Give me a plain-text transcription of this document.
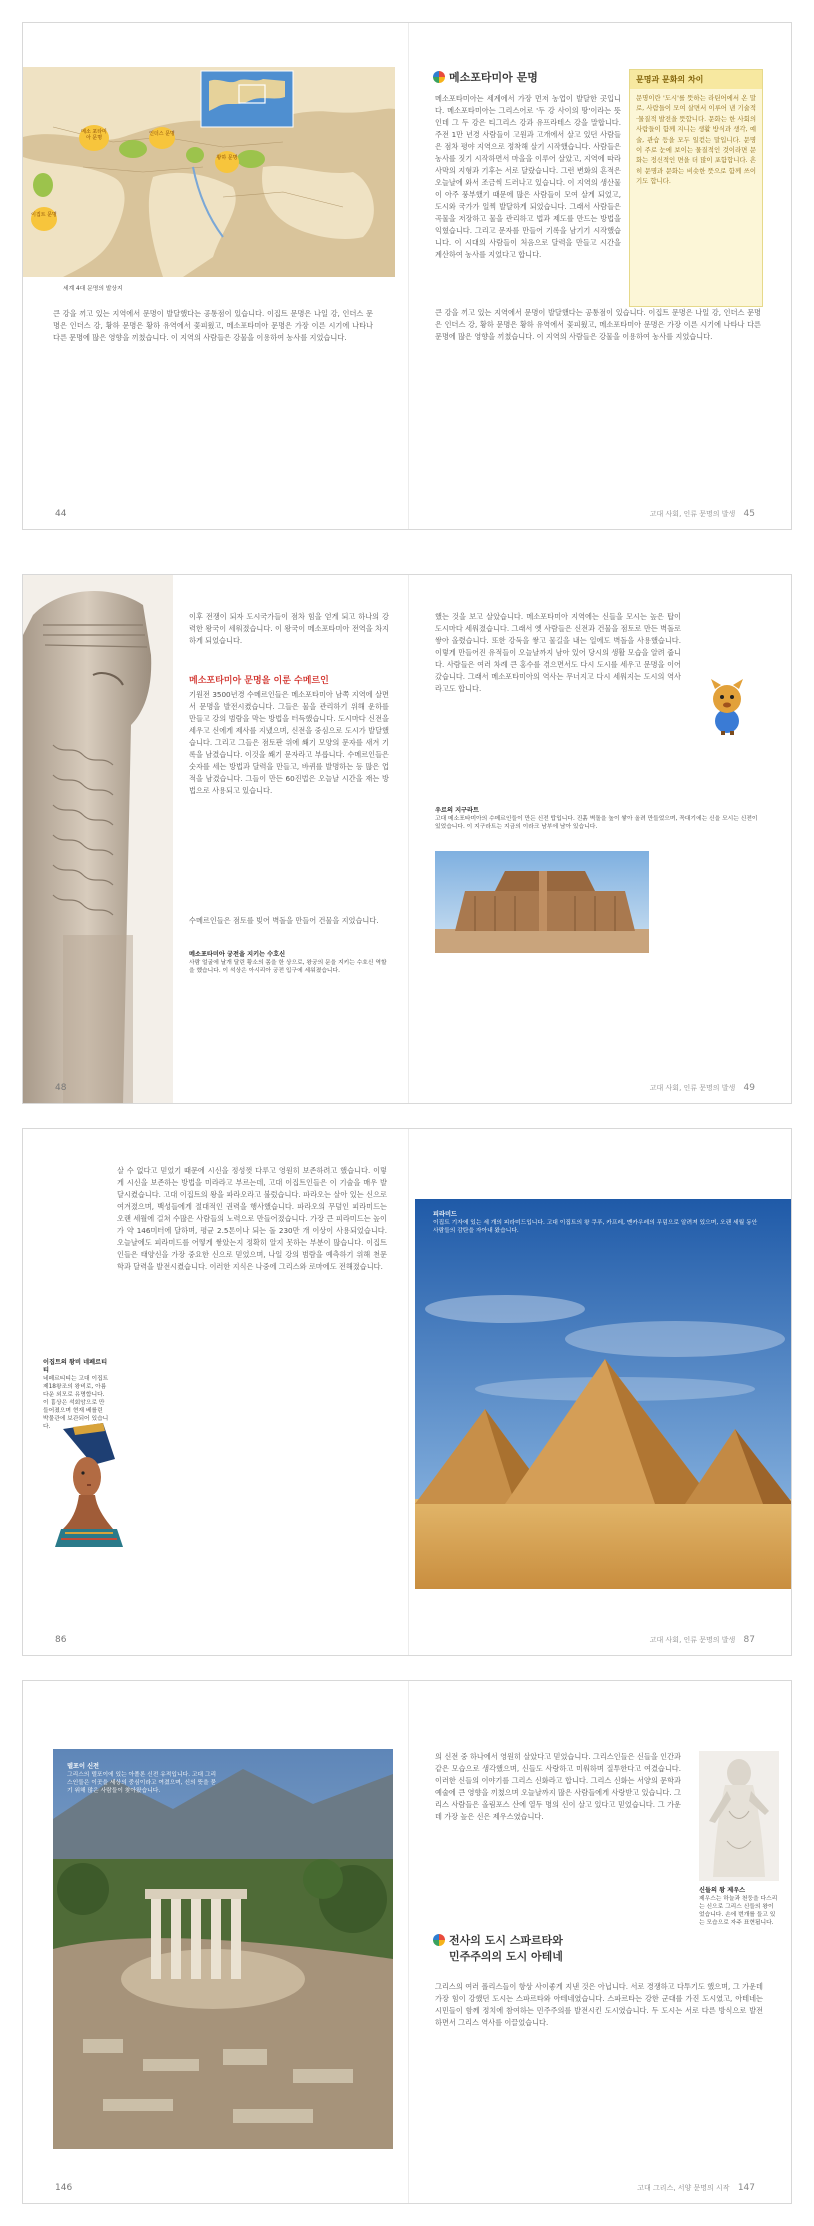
메소 포타미아 문명
인더스 문명
황하 문명
이집트 문명
세계 4대 문명의 발상지
큰 강을 끼고 있는 지역에서 문명이 발달했다는 공통점이 있습니다. 이집트 문명은 나일 강, 인더스 문명은 인더스 강, 황하 문명은 황하 유역에서 꽃피웠고, 메소포타미아 문명은 가장 이른 시기에 나타나 다른 문명에 많은 영향을 끼쳤습니다. 이 지역의 사람들은 강물을 이용하여 농사를 지었습니다.
메소포타미아 문명
메소포타미아는 세계에서 가장 먼저 농업이 발달한 곳입니다. 메소포타미아는 그리스어로 '두 강 사이의 땅'이라는 뜻인데 그 두 강은 티그리스 강과 유프라테스 강을 말합니다. 주전 1만 년경 사람들이 고원과 고개에서 살고 있던 사람들은 점차 평야 지역으로 정착해 살기 시작했습니다. 사람들은 농사를 짓기 시작하면서 마을을 이루어 살았고, 지역에 따라 사막의 지형과 기후는 서로 달랐습니다. 그런 변화의 흔적은 오늘날에 와서 조금씩 드러나고 있습니다. 이 지역의 생산물이 아주 풍부했기 때문에 많은 사람들이 모여 살게 되었고, 도시와 국가가 일찍 발달하게 되었습니다. 그래서 사람들은 곡물을 저장하고 물을 관리하고 법과 제도를 만드는 방법을 익혔습니다. 그리고 문자를 만들어 기록을 남기기 시작했습니다. 이 시대의 사람들이 처음으로 달력을 만들고 시간을 계산하여 농사를 지었다고 합니다.
큰 강을 끼고 있는 지역에서 문명이 발달했다는 공통점이 있습니다. 이집트 문명은 나일 강, 인더스 문명은 인더스 강, 황하 문명은 황하 유역에서 꽃피웠고, 메소포타미아 문명은 가장 이른 시기에 나타나 다른 문명에 많은 영향을 끼쳤습니다. 이 지역의 사람들은 강물을 이용하여 농사를 지었습니다.
문명과 문화의 차이
문명이란 '도시'를 뜻하는 라틴어에서 온 말로, 사람들이 모여 살면서 이루어 낸 기술적·물질적 발전을 뜻합니다. 문화는 한 사회의 사람들이 함께 지니는 생활 방식과 생각, 예술, 관습 등을 모두 일컫는 말입니다. 문명이 주로 눈에 보이는 물질적인 것이라면 문화는 정신적인 면을 더 많이 포함합니다. 흔히 문명과 문화는 비슷한 뜻으로 함께 쓰이기도 합니다.
44	고대 사회, 인류 문명의 발생 45
이후 전쟁이 되자 도시국가들이 점차 힘을 얻게 되고 하나의 강력한 왕국이 세워졌습니다. 이 왕국이 메소포타미아 전역을 차지하게 되었습니다.
메소포타미아 문명을 이룬 수메르인
기원전 3500년경 수메르인들은 메소포타미아 남쪽 지역에 살면서 문명을 발전시켰습니다. 그들은 물을 관리하기 위해 운하를 만들고 강의 범람을 막는 방법을 터득했습니다. 도시마다 신전을 세우고 신에게 제사를 지냈으며, 신전을 중심으로 도시가 발달했습니다. 그리고 그들은 점토판 위에 쐐기 모양의 문자를 새겨 기록을 남겼습니다. 이것을 쐐기 문자라고 부릅니다. 수메르인들은 숫자를 세는 방법과 달력을 만들고, 바퀴를 발명하는 등 많은 업적을 남겼습니다. 그들이 만든 60진법은 오늘날 시간을 재는 방법으로 사용되고 있습니다.
수메르인들은 점토를 빚어 벽돌을 만들어 건물을 지었습니다.
메소포타미아 궁전을 지키는 수호신
사람 얼굴에 날개 달린 황소의 몸을 한 상으로, 왕궁의 문을 지키는 수호신 역할을 했습니다. 이 석상은 아시리아 궁전 입구에 세워졌습니다.
했는 것을 보고 살았습니다. 메소포타미아 지역에는 신들을 모시는 높은 탑이 도시마다 세워졌습니다. 그래서 옛 사람들은 신전과 건물을 점토로 만든 벽돌로 쌓아 올렸습니다. 또한 강둑을 쌓고 물길을 내는 일에도 벽돌을 사용했습니다. 이렇게 만들어진 유적들이 오늘날까지 남아 있어 당시의 생활 모습을 알려 줍니다. 사람들은 여러 차례 큰 홍수를 겪으면서도 다시 도시를 세우고 문명을 이어 갔습니다. 그래서 메소포타미아의 역사는 무너지고 다시 세워지는 도시의 역사라고도 합니다.
우르의 지구라트
고대 메소포타미아의 수메르인들이 만든 신전 탑입니다. 진흙 벽돌을 높이 쌓아 올려 만들었으며, 꼭대기에는 신을 모시는 신전이 있었습니다. 이 지구라트는 지금의 이라크 남부에 남아 있습니다.
48	고대 사회, 인류 문명의 발생 49
살 수 없다고 믿었기 때문에 시신을 정성껏 다루고 영원히 보존하려고 했습니다. 이렇게 시신을 보존하는 방법을 미라라고 부르는데, 고대 이집트인들은 이 기술을 매우 발달시켰습니다. 고대 이집트의 왕을 파라오라고 불렀습니다. 파라오는 살아 있는 신으로 여겨졌으며, 백성들에게 절대적인 권력을 행사했습니다. 파라오의 무덤인 피라미드는 오랜 세월에 걸쳐 수많은 사람들의 노력으로 만들어졌습니다. 가장 큰 피라미드는 높이가 약 146미터에 달하며, 평균 2.5톤이나 되는 돌 230만 개 이상이 사용되었습니다. 오늘날에도 피라미드를 어떻게 쌓았는지 정확히 알지 못하는 부분이 많습니다. 이집트인들은 태양신을 가장 중요한 신으로 믿었으며, 나일 강의 범람을 예측하기 위해 천문학과 달력을 발전시켰습니다. 이러한 지식은 나중에 그리스와 로마에도 전해졌습니다.
이집트의 왕비 네페르티티
네페르티티는 고대 이집트 제18왕조의 왕비로, 아름다운 외모로 유명합니다. 이 흉상은 석회암으로 만들어졌으며 현재 베를린 박물관에 보관되어 있습니다.
피라미드
이집트 기자에 있는 세 개의 피라미드입니다. 고대 이집트의 왕 쿠푸, 카프레, 멘카우레의 무덤으로 알려져 있으며, 오랜 세월 동안 사람들의 감탄을 자아내 왔습니다.
86	고대 사회, 인류 문명의 발생 87
델포이 신전
그리스의 델포이에 있는 아폴론 신전 유적입니다. 고대 그리스인들은 이곳을 세상의 중심이라고 여겼으며, 신의 뜻을 묻기 위해 많은 사람들이 찾아왔습니다.
의 신전 중 하나에서 영원히 살았다고 믿었습니다. 그리스인들은 신들을 인간과 같은 모습으로 생각했으며, 신들도 사랑하고 미워하며 질투한다고 여겼습니다. 이러한 신들의 이야기를 그리스 신화라고 합니다. 그리스 신화는 서양의 문학과 예술에 큰 영향을 끼쳤으며 오늘날까지 많은 사람들에게 사랑받고 있습니다. 그리스 사람들은 올림포스 산에 열두 명의 신이 살고 있다고 믿었습니다. 그 가운데 가장 높은 신은 제우스였습니다.
신들의 왕 제우스
제우스는 하늘과 천둥을 다스리는 신으로 그리스 신들의 왕이었습니다. 손에 번개를 들고 있는 모습으로 자주 표현됩니다.
전사의 도시 스파르타와
민주주의의 도시 아테네
그리스의 여러 폴리스들이 항상 사이좋게 지낸 것은 아닙니다. 서로 경쟁하고 다투기도 했으며, 그 가운데 가장 힘이 강했던 도시는 스파르타와 아테네였습니다. 스파르타는 강한 군대를 가진 도시였고, 아테네는 시민들이 함께 정치에 참여하는 민주주의를 발전시킨 도시였습니다. 두 도시는 서로 다른 방식으로 발전하면서 그리스 역사를 이끌었습니다.
146	고대 그리스, 서양 문명의 시작 147
